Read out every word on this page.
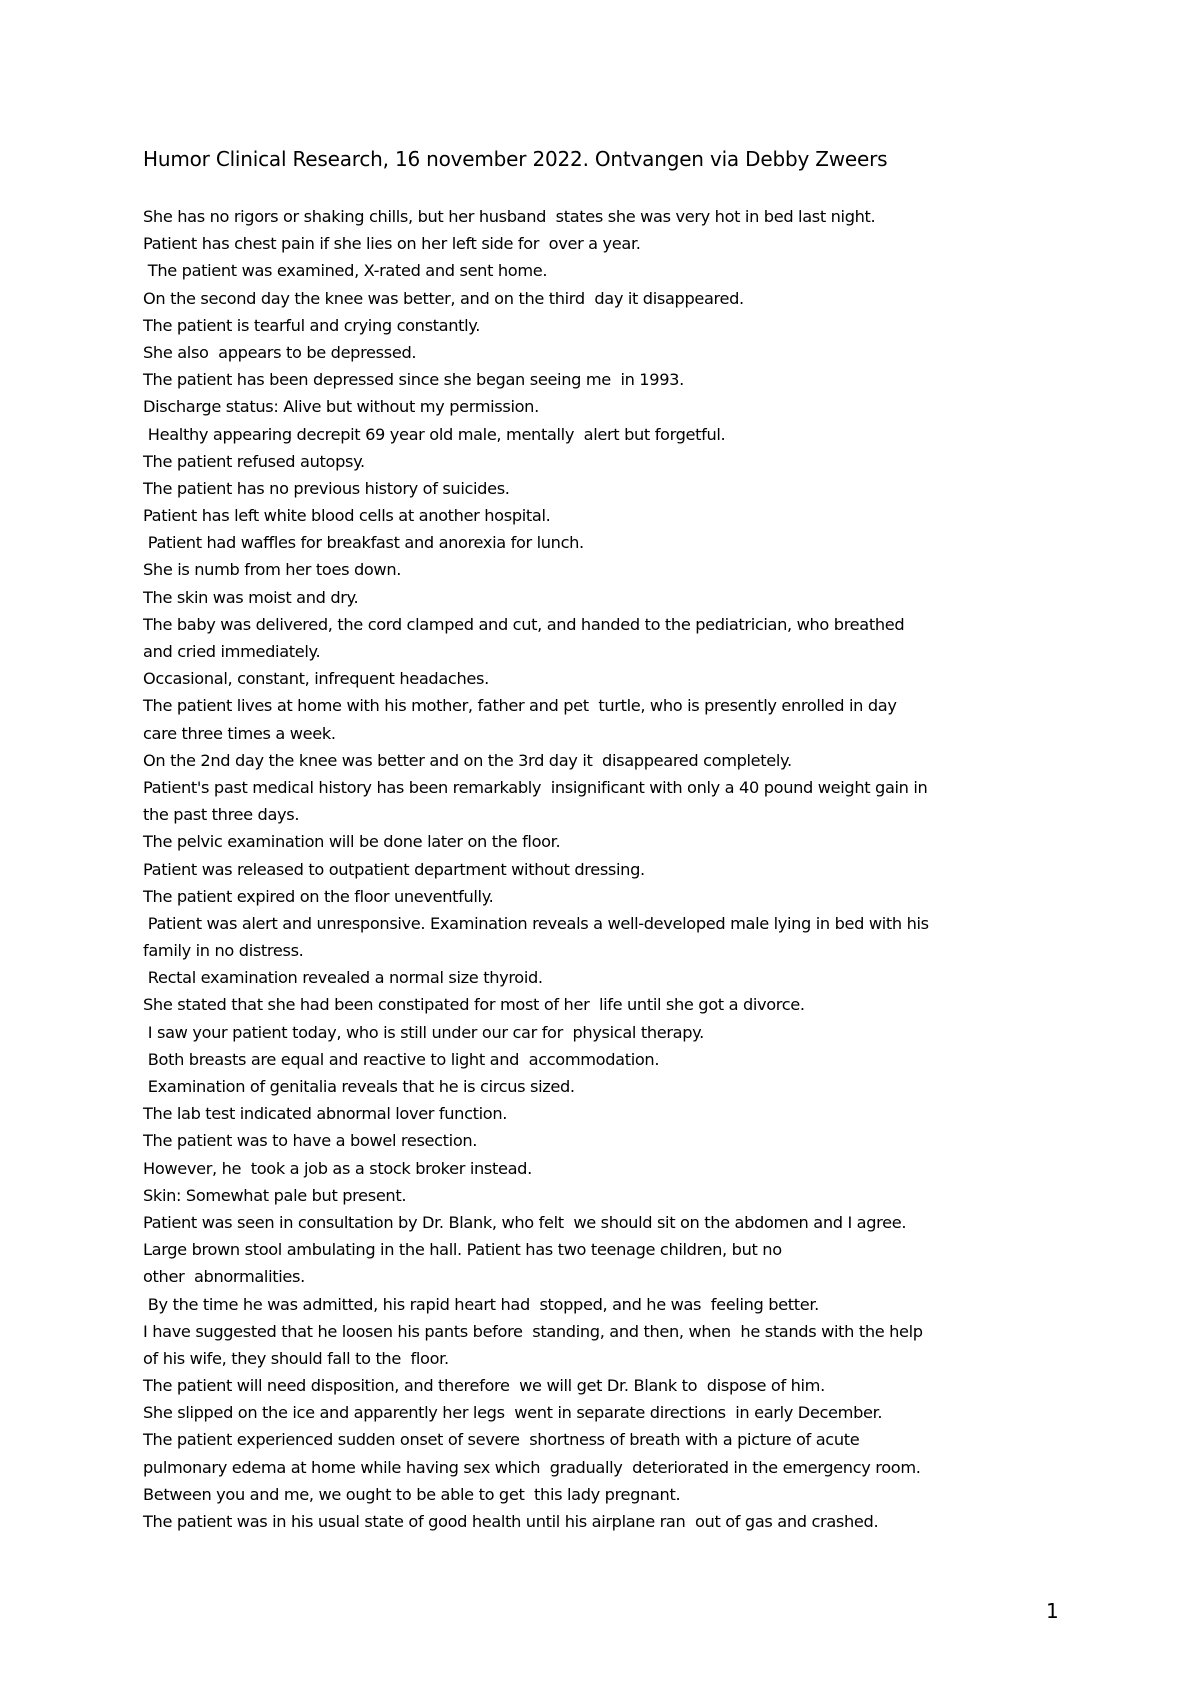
Humor Clinical Research, 16 november 2022. Ontvangen via Debby Zweers
She has no rigors or shaking chills, but her husband  states she was very hot in bed last night.
Patient has chest pain if she lies on her left side for  over a year.
The patient was examined, X-rated and sent home.
On the second day the knee was better, and on the third  day it disappeared.
The patient is tearful and crying constantly.
She also  appears to be depressed.
The patient has been depressed since she began seeing me  in 1993.
Discharge status: Alive but without my permission.
Healthy appearing decrepit 69 year old male, mentally  alert but forgetful.
The patient refused autopsy.
The patient has no previous history of suicides.
Patient has left white blood cells at another hospital.
Patient had waffles for breakfast and anorexia for lunch.
She is numb from her toes down.
The skin was moist and dry.
The baby was delivered, the cord clamped and cut, and handed to the pediatrician, who breathed
and cried immediately.
Occasional, constant, infrequent headaches.
The patient lives at home with his mother, father and pet  turtle, who is presently enrolled in day
care three times a week.
On the 2nd day the knee was better and on the 3rd day it  disappeared completely.
Patient's past medical history has been remarkably  insignificant with only a 40 pound weight gain in
the past three days.
The pelvic examination will be done later on the floor.
Patient was released to outpatient department without dressing.
The patient expired on the floor uneventfully.
Patient was alert and unresponsive. Examination reveals a well-developed male lying in bed with his
family in no distress.
Rectal examination revealed a normal size thyroid.
She stated that she had been constipated for most of her  life until she got a divorce.
I saw your patient today, who is still under our car for  physical therapy.
Both breasts are equal and reactive to light and  accommodation.
Examination of genitalia reveals that he is circus sized.
The lab test indicated abnormal lover function.
The patient was to have a bowel resection.
However, he  took a job as a stock broker instead.
Skin: Somewhat pale but present.
Patient was seen in consultation by Dr. Blank, who felt  we should sit on the abdomen and I agree.
Large brown stool ambulating in the hall. Patient has two teenage children, but no
other  abnormalities.
By the time he was admitted, his rapid heart had  stopped, and he was  feeling better.
I have suggested that he loosen his pants before  standing, and then, when  he stands with the help
of his wife, they should fall to the  floor.
The patient will need disposition, and therefore  we will get Dr. Blank to  dispose of him.
She slipped on the ice and apparently her legs  went in separate directions  in early December.
The patient experienced sudden onset of severe  shortness of breath with a picture of acute
pulmonary edema at home while having sex which  gradually  deteriorated in the emergency room.
Between you and me, we ought to be able to get  this lady pregnant.
The patient was in his usual state of good health until his airplane ran  out of gas and crashed.
1
